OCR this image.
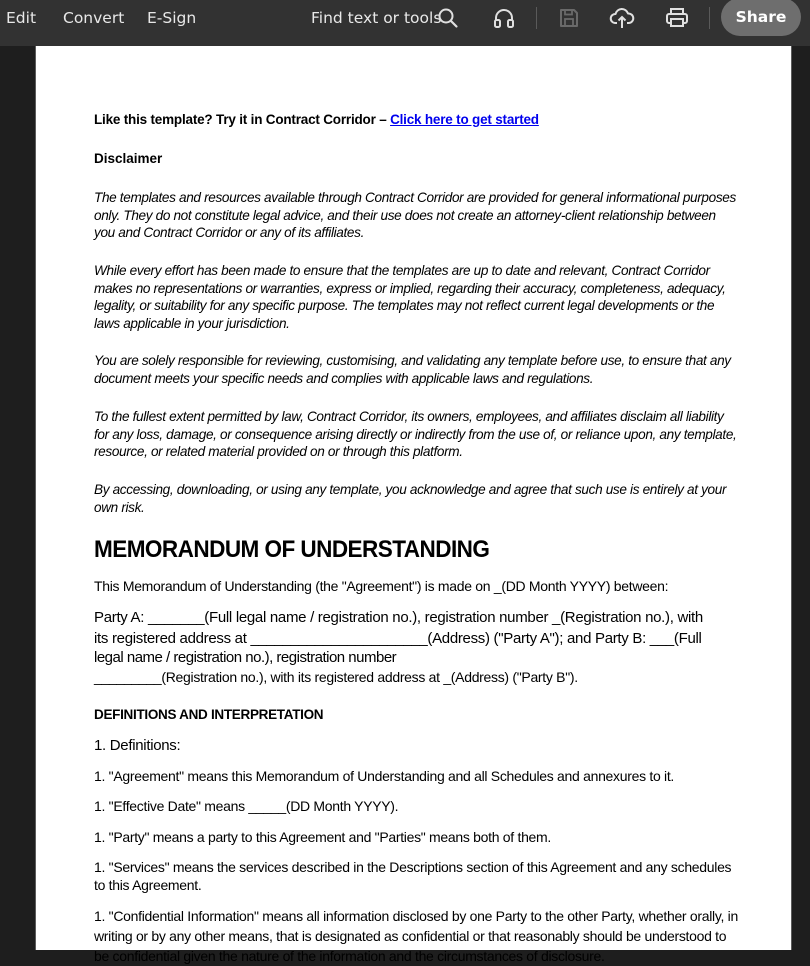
Edit Convert E-Sign	Find text or tools	Share

Like this template? Try it in Contract Corridor – Click here to get started

Disclaimer

The templates and resources available through Contract Corridor are provided for general informational purposes only. They do not constitute legal advice, and their use does not create an attorney-client relationship between you and Contract Corridor or any of its affiliates.

While every effort has been made to ensure that the templates are up to date and relevant, Contract Corridor makes no representations or warranties, express or implied, regarding their accuracy, completeness, adequacy, legality, or suitability for any specific purpose. The templates may not reflect current legal developments or the laws applicable in your jurisdiction.

You are solely responsible for reviewing, customising, and validating any template before use, to ensure that any document meets your specific needs and complies with applicable laws and regulations.

To the fullest extent permitted by law, Contract Corridor, its owners, employees, and affiliates disclaim all liability for any loss, damage, or consequence arising directly or indirectly from the use of, or reliance upon, any template, resource, or related material provided on or through this platform.

By accessing, downloading, or using any template, you acknowledge and agree that such use is entirely at your own risk.

MEMORANDUM OF UNDERSTANDING

This Memorandum of Understanding (the "Agreement") is made on _(DD Month YYYY) between:

Party A: _______(Full legal name / registration no.), registration number _(Registration no.), with
its registered address at ______________________(Address) ("Party A"); and Party B: ___(Full
legal name / registration no.), registration number
_________(Registration no.), with its registered address at _(Address) ("Party B").

DEFINITIONS AND INTERPRETATION

1. Definitions:

1. "Agreement" means this Memorandum of Understanding and all Schedules and annexures to it.

1. "Effective Date" means _____(DD Month YYYY).

1. "Party" means a party to this Agreement and "Parties" means both of them.

1. "Services" means the services described in the Descriptions section of this Agreement and any schedules to this Agreement.

1. "Confidential Information" means all information disclosed by one Party to the other Party, whether orally, in writing or by any other means, that is designated as confidential or that reasonably should be understood to be confidential given the nature of the information and the circumstances of disclosure.
